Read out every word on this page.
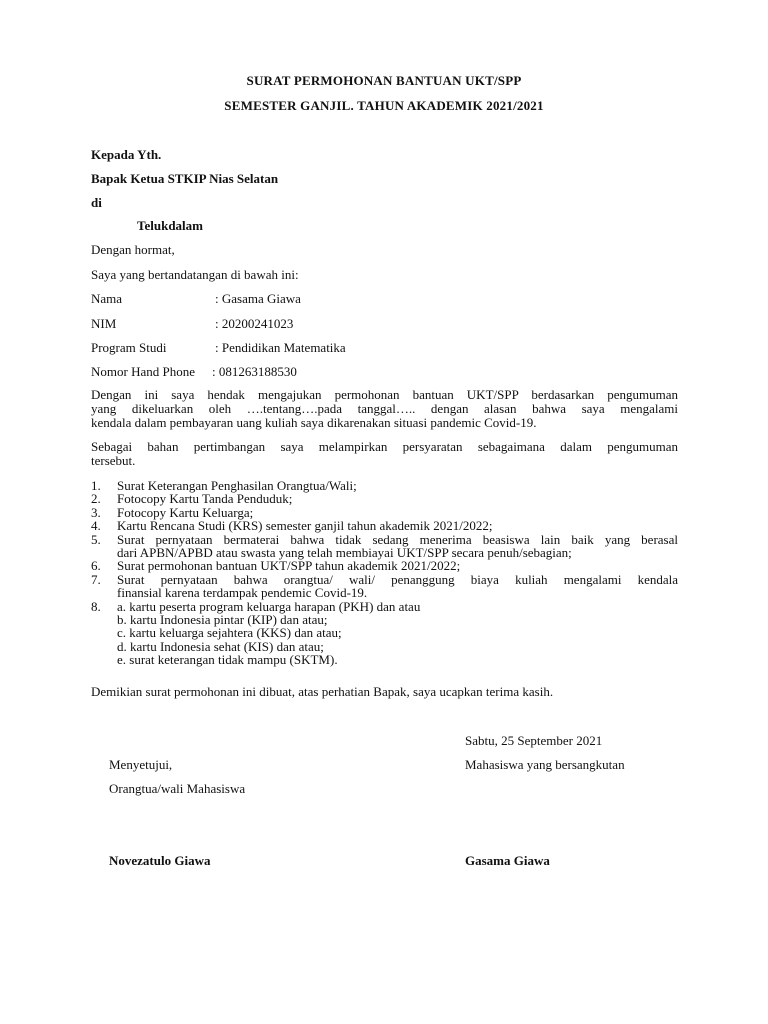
SURAT PERMOHONAN BANTUAN UKT/SPP
SEMESTER GANJIL. TAHUN AKADEMIK 2021/2021
Kepada Yth.
Bapak Ketua STKIP Nias Selatan
di
Telukdalam
Dengan hormat,
Saya yang bertandatangan di bawah ini:
Nama	: Gasama Giawa
NIM	: 20200241023
Program Studi	: Pendidikan Matematika
Nomor Hand Phone : 081263188530
Dengan ini saya hendak mengajukan permohonan bantuan UKT/SPP berdasarkan pengumuman
yang dikeluarkan oleh ….tentang….pada tanggal….. dengan alasan bahwa saya mengalami
kendala dalam pembayaran uang kuliah saya dikarenakan situasi pandemic Covid-19.
Sebagai bahan pertimbangan saya melampirkan persyaratan sebagaimana dalam pengumuman
tersebut.
1.	Surat Keterangan Penghasilan Orangtua/Wali;
2.	Fotocopy Kartu Tanda Penduduk;
3.	Fotocopy Kartu Keluarga;
4.	Kartu Rencana Studi (KRS) semester ganjil tahun akademik 2021/2022;
5.	Surat pernyataan bermaterai bahwa tidak sedang menerima beasiswa lain baik yang berasal
dari APBN/APBD atau swasta yang telah membiayai UKT/SPP secara penuh/sebagian;
6.	Surat permohonan bantuan UKT/SPP tahun akademik 2021/2022;
7.	Surat pernyataan bahwa orangtua/ wali/ penanggung biaya kuliah mengalami kendala
finansial karena terdampak pendemic Covid-19.
8.	a. kartu peserta program keluarga harapan (PKH) dan atau
b. kartu Indonesia pintar (KIP) dan atau;
c. kartu keluarga sejahtera (KKS) dan atau;
d. kartu Indonesia sehat (KIS) dan atau;
e. surat keterangan tidak mampu (SKTM).
Demikian surat permohonan ini dibuat, atas perhatian Bapak, saya ucapkan terima kasih.
Sabtu, 25 September 2021
Menyetujui,	Mahasiswa yang bersangkutan
Orangtua/wali Mahasiswa
Novezatulo Giawa	Gasama Giawa
